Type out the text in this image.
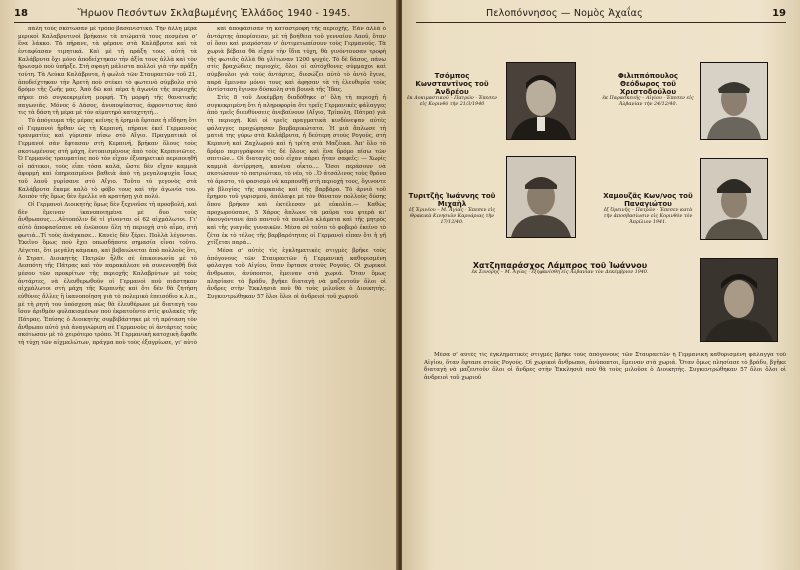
18	Ἥρωον Πεσόντων Σκλαβωμένης Ἑλλάδος 1940 - 1945.

πάλη τοὺς σκότωσαν μὲ τρόπο βασανιστικό. Τὴν ἄλλη μέρα μερικοὶ Καλαβρυτινοὶ βρήκανε τὰ πτώματά τους πεσμένα σ' ἕνα λάκκο. Τὰ πήρανε, τὰ φέρανε στὰ Καλάβρυτα καὶ τὰ ἐνταφίασαν τιμητικά. Καὶ μὲ τὴ πράξη τους αὐτὴ τὰ Καλάβρυτα ὄχι μόνο ἀποδείχτηκαν τὴν ἀξία τους ἀλλὰ καὶ τὸν ἡρωισμὸ ποὺ ὑπῆρξε. Στὴ σφαγὴ μάλιστα πολλοὶ γιὰ τὴν πρᾶξη τούτη. Τὰ Λεύκα Καλάβρυτα, ἡ φωλιὰ τῶν Σταυραετῶν τοῦ 21, ἀποδείχτηκαν τὴν Ἀρετὴ ποὺ στέκει τὸ φωτεινὸ σύμβολο στὸ δρόμο τῆς ζωῆς μας. Ἀπὸ δῶ καὶ πέρα ἡ ἀγωνία τῆς περιοχῆς πήρεε πιὸ συγκεκριμένη μορφή. Τὴ μορφὴ τῆς θανατικῆς παγωνιᾶς. Μόνος ὁ Δάσος, ἀνυποψίαστος, ἀφροντιστος ἀπό τις τὰ δάση τῆ μέρα μὲ τὸν αἱματηρὸ καταχτητή...

Τὸ ἀπόγευμα τῆς μέρας κείνης ἡ ἐρημιὰ ἔφτασε ἡ εἴδηση ὅτι οἱ Γερμανοὶ ἦρθαν ὡς τὴ Κερπινή, πήρανε ἐκεῖ Γερμανοὺς τραυματίες καὶ γύρισαν πίσω στὸ Αἴγιο. Πραγματικὰ οἱ Γερμανοὶ σὰν ἔφτασαν στὴ Κερπινή, βρήκαν ὅλους τοὺς σκοτωμένους στὴ μάχη, ἐντοπισμένους ἀπὸ τοὺς Κερπινιῶτες. Ὁ Γερμανὸς τραυματίας ποὺ τὸν εἶχαν ἐξυπηρετικὸ περιποιηθῆ οἱ πάτεκοι, τοὺς εἶπε τόσα καλά, ὥστε δὲν εἴχαν καμμιὰ ἀφορμὴ καὶ ἐπηρεασμένοι βαθειὰ ἀπὸ τὴ μεγαλοψυχία ἴσως τοῦ λαοῦ γυρίσανε στὸ Αἴγιο. Τοῦτο τὸ γεγονὸς στὰ Καλάβρυτα ἔκαμε καλὸ τὸ φόβο τους καὶ τὴν ἀγωνία του. Λοιπὸν τῆς ὅμως δὲν ἔμελλε νὰ κρατήσῃ γιὰ πολύ.

Οἱ Γερμανοὶ Διοικητὴς ὅμως δὲν ξεχνοῦσε τὴ προσβολή, καὶ δὲν ἔμειναν ἱκανοποιημένα μὲ δυο τοὺς ἄνθρωπους.....Αὐτοπόλιν δὲ τί γίνονται οἱ 62 αἰχμάλωτοι. Γι' αὐτὸ ἀποφασίσανε νὰ ἐνῶσουν ὅλη τὴ περιοχὴ στὸ αἷμα, στὴ φωτιά...Τί τοὺς ἀνάγκασε... Κανεὶς δὲν ξέρει. Πολλὰ λέγονται. Ἐκεῖνο ὅμως ποὺ ἔχει οπωσδήποτε σημασία εἶναι τοῦτο. Λέγεται, ὅτι μεγάλη κάμακα, καὶ βεβαιώνεται ἀπὸ πολλοὺς ὅτι, ὁ Στρατ. Διοικητὴς Πατρῶν ἦλθε σὲ ἐπικοινωνία μὲ τὸ Δεσπότη τῆς Πάτρας καὶ τὸν παρακάλεσε νὰ συνεννοηθῆ διὰ μέσου τῶν προκρίτων τῆς περιοχῆς Καλαβρύτων μὲ τοὺς ἀντάρτες, νὰ ἐλευθερωθοῦν οἱ Γερμανοὶ ποὺ πιάστηκαν αἰχμάλωτοι στὴ μάχη τῆς Κερπινῆς καὶ ὅτι δὲν θὰ ζητήση εὐθύνες ἄλλες ἢ ἱκανοποίηση γιὰ τὸ πολεμικὸ ἐπεισόδιο κ.λ.π., μὲ τὴ ρητὴ του ὑπόσχεση πὼς θὰ ἐλευθέρωνε μὲ διαταγὴ του ἴσον ἀριθμὸν φυλακισμένων ποὺ ἐκρατοῦντο στὶς φυλακὲς τῆς Πάτρας. Ἐπίσης ὁ Διοικητὴς συμβιβάστηκε μὲ τὴ πρόταση τὸν ἄνθρωπο αὐτὸ γιὰ ἀναγνώριση σὲ Γερμανοὺς οἱ ἀντάρτες τοὺς σκότωσαν μὲ τὸ χειρότερο τρόπο. Ἡ Γερμανικὴ κατοχικὴ ἔφαθε τὴ τύχη τῶν αἰχμαλώτων, πράγμα ποὺ τοὺς ἐξαγρίωσε, γι' αὐτὸ

καὶ ἀποφάσισαν τὴ καταστροφὴ τῆς περιοχῆς. Ἐάν ἀλλὰ ὁ ἀντάρτης ἀπορίσειαν, μὲ τὴ βοήθεια τοῦ γενναίου Λαοῦ, ὅταν οἱ ὅσοι καὶ μιαρόσταν ν' ἀντιμετωπίσουν τοὺς Γερμανούς. Τὰ χωριὰ βέβαια θὰ εἶχαν τὴν ἴδια τύχη, θὰ γινόντουσαν τροφὴ τῆς φωτιᾶς ἀλλὰ θὰ γλίτωναν 1200 ψυχές. Τὸ δὲ δάσος, πάνω στὶς βραχώδεις περιοχές, ὅλοι οἱ αὐτόχθονες σύμμαχοι καὶ σύμβουλοι γιὰ τοὺς ἀντάρτες, διεσώζει αὐτὸ τὸ ἀντὸ ἔγινε, παρὰ ἔμειναν μόνοι τους καὶ ἀφησαν τὰ τὴ ἐλευθερία τοὺς ἀντίσταση ἔγιναν δύσκολη στὰ βουνὰ τῆς Ἴδας.

Στὶς 8 τοῦ Δεκέμβρη διαδόθηκε σ' ὅλη τὴ περιοχὴ ἡ συγκεκριμένη ὅτι ἡ πληροφορία ὅτι τρεῖς Γερμανικὲς φάλαγγες ἀπὸ τρεῖς διευθύνσεις ἀνεβαίνουν (Αἴγιο, Τρίπολη, Πάτρα) γιὰ τὴ περιοχή. Καὶ οἱ τρεῖς πραγματικὰ κινδύνεψαν αὐτὲς φάλαγγες προχώρησαν βαρβαρικώτατα. Ἡ μιὰ ἄπλωσε τὴ ματιά της γύρω στὰ Καλάβρυτα, ἡ δεύτερη στοὺς Ρογούς, στὴ Κερπινὴ καὶ Ζαχλωρού καὶ ἡ τρίτη στὰ Μαζέικα. Ἀπ' ὅλο τὸ δρόμο περιγράφουν τὶς δὲ ὅλους καὶ ἕνα δρόμο πίσω τῶν σπιτιῶν... Οἱ διαταγὲς ποὺ εἶχαν πάρει ἦταν σαφεῖς: — Χωρὶς καμμιὰ ἀντίρρηση, κανένα οἶκτο.... Ὅσοι περάσουν νὰ σκοτώσουν τὸ πατριώτικο, τὸ νέο, τὸ ..Ὁ ἀτσάλινος τοὺς θρόνο τὸ ἀριστο, τὸ φασισμὸ νὰ καρπουθῇ στὴ περιοχὴ τους, ὅγινοντε γὰ βλογίας τῆς πυρκαιάς καὶ τῆς βαρβάρα. Τὸ ἀρνιὸ τοῦ ἔρημου τοῦ γυρισμού, ἀπόλαψε μὲ τὸν θάνατον πολλοὺς δύσης ὅπου βρήκαν καὶ ἐκτέλεσαν μὲ εὐκολία.— Καθὼς προχωρούσανε, 5 Χάρος ἅπλωνε τὰ μαῦρα του φτερὰ κι' ἀκουγόντανε ἀπὸ παντοῦ τὰ ποικίλα κλάματα καὶ τῆς μητρὸς καὶ τῆς γιαγιᾶς γυναικῶν. Μέσα σὲ τοῦτο τὸ φοβερὸ ἐκείνο τὸ ζέτα ἐκ τὸ τέλος τῆς βαρβαρότητας οἱ Γερμανοὶ εἶπαν ὅτι ἡ γῆ χτίζεται παρά...

Μέσα σ' αὐτὲς τὶς ἐγκληματικὲς στιγμὲς βρῆκε τοὺς ἀπόγονους τῶν Σταυραετῶν ἡ Γερμανικὴ καθορισμένη φάλαγγα τοῦ Αἰγίου, ὅταν ἔφτασε στοὺς Ρογούς. Οἱ χωρικοὶ ἄνθρωποι, ἀνύποπτοι, ἔμειναν στὰ χωριά. Ὅταν ὅμως πλησίασε τὸ βράδυ, βγῆκε διαταγὴ νὰ μαζευτοῦν ὅλοι οἱ ἄνδρες στὴν Ἐκκλησιὰ ποὺ θὰ τοὺς μιλοῦσε ὁ Διοικητής. Συγκεντρώθηκαν 57 ὅλοι ὅλοι οἱ ἀνδρειοὶ τοῦ χωριοῦ

Πελοπόννησος — Νομὸς Ἀχαΐας	19
Τσόμπος Κωνσταντῖνος τοῦ Ἀνδρέου
ἐκ Δοκιμαστικοῦ – Πατρῶν · Ἐπεσεν εἰς Κορινθὸ τὴν 21/3/1940
Φιλιππόπουλος Θεόδωρος τοῦ Χριστοδούλου
ἐκ Παρασκευῆς – Αἰγίου · Ἐπεσεν εἰς Ἀλβανίαν τὴν 24/12/40.
Τυριτζῆς Ἰωάννης τοῦ Μιχαὴλ
ἐξ Ἐρινέου – Μ. Ἀγίας · Ἐπεσεν εἰς Θρακικὰ Κινησιῶν Καρυάριας τὴν 17/12/40.
Χαμουζᾶς Κων/νος τοῦ Παναγιώτου
ἐξ Ὀρεινῆς – Πατρῶν · Ἐπεσεν κατὰ τὴν ἀποσβασίωσιν εἰς Κορινθὸν τὸν Ἀπρίλιον 1941.
Χατζηπαράσχος Λάμπρος τοῦ Ἰωάννου
ἐκ Συνόρης – Μ. Ἀγίας · ἐξηφανίσθη εἰς Ἀλβανίαν τὸν Δεκέμβριον 1940.

Μέσα σ' αὐτὲς τὶς ἐγκληματικὲς στιγμὲς βρῆκε τοὺς ἀπόγονους τῶν Σταυραετῶν ἡ Γερμανικὴ καθορισμένη φάλαγγα τοῦ Αἰγίου, ὅταν ἔφτασε στοὺς Ρογούς. Οἱ χωρικοὶ ἄνθρωποι, ἀνύποπτοι, ἔμειναν στὰ χωριά. Ὅταν ὅμως πλησίασε τὸ βράδυ, βγῆκε διαταγὴ νὰ μαζευτοῦν ὅλοι οἱ ἄνδρες στὴν Ἐκκλησιὰ ποὺ θὰ τοὺς μιλοῦσε ὁ Διοικητής. Συγκεντρώθηκαν 57 ὅλοι ὅλοι οἱ ἀνδρειοὶ τοῦ χωριοῦ
